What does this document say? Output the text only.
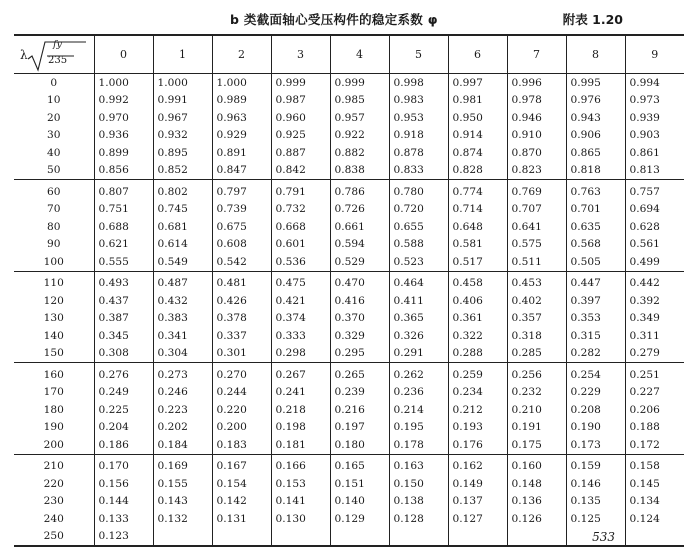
b 类截面轴心受压构件的稳定系数 φ	附表 1.20
λ
fy
235	0	1	2	3	4	5	6	7	8	9
0	1.000	1.000	1.000	0.999	0.999	0.998	0.997	0.996	0.995	0.994
10	0.992	0.991	0.989	0.987	0.985	0.983	0.981	0.978	0.976	0.973
20	0.970	0.967	0.963	0.960	0.957	0.953	0.950	0.946	0.943	0.939
30	0.936	0.932	0.929	0.925	0.922	0.918	0.914	0.910	0.906	0.903
40	0.899	0.895	0.891	0.887	0.882	0.878	0.874	0.870	0.865	0.861
50	0.856	0.852	0.847	0.842	0.838	0.833	0.828	0.823	0.818	0.813
60	0.807	0.802	0.797	0.791	0.786	0.780	0.774	0.769	0.763	0.757
70	0.751	0.745	0.739	0.732	0.726	0.720	0.714	0.707	0.701	0.694
80	0.688	0.681	0.675	0.668	0.661	0.655	0.648	0.641	0.635	0.628
90	0.621	0.614	0.608	0.601	0.594	0.588	0.581	0.575	0.568	0.561
100	0.555	0.549	0.542	0.536	0.529	0.523	0.517	0.511	0.505	0.499
110	0.493	0.487	0.481	0.475	0.470	0.464	0.458	0.453	0.447	0.442
120	0.437	0.432	0.426	0.421	0.416	0.411	0.406	0.402	0.397	0.392
130	0.387	0.383	0.378	0.374	0.370	0.365	0.361	0.357	0.353	0.349
140	0.345	0.341	0.337	0.333	0.329	0.326	0.322	0.318	0.315	0.311
150	0.308	0.304	0.301	0.298	0.295	0.291	0.288	0.285	0.282	0.279
160	0.276	0.273	0.270	0.267	0.265	0.262	0.259	0.256	0.254	0.251
170	0.249	0.246	0.244	0.241	0.239	0.236	0.234	0.232	0.229	0.227
180	0.225	0.223	0.220	0.218	0.216	0.214	0.212	0.210	0.208	0.206
190	0.204	0.202	0.200	0.198	0.197	0.195	0.193	0.191	0.190	0.188
200	0.186	0.184	0.183	0.181	0.180	0.178	0.176	0.175	0.173	0.172
210	0.170	0.169	0.167	0.166	0.165	0.163	0.162	0.160	0.159	0.158
220	0.156	0.155	0.154	0.153	0.151	0.150	0.149	0.148	0.146	0.145
230	0.144	0.143	0.142	0.141	0.140	0.138	0.137	0.136	0.135	0.134
240	0.133	0.132	0.131	0.130	0.129	0.128	0.127	0.126	0.125	0.124
250	0.123										533
